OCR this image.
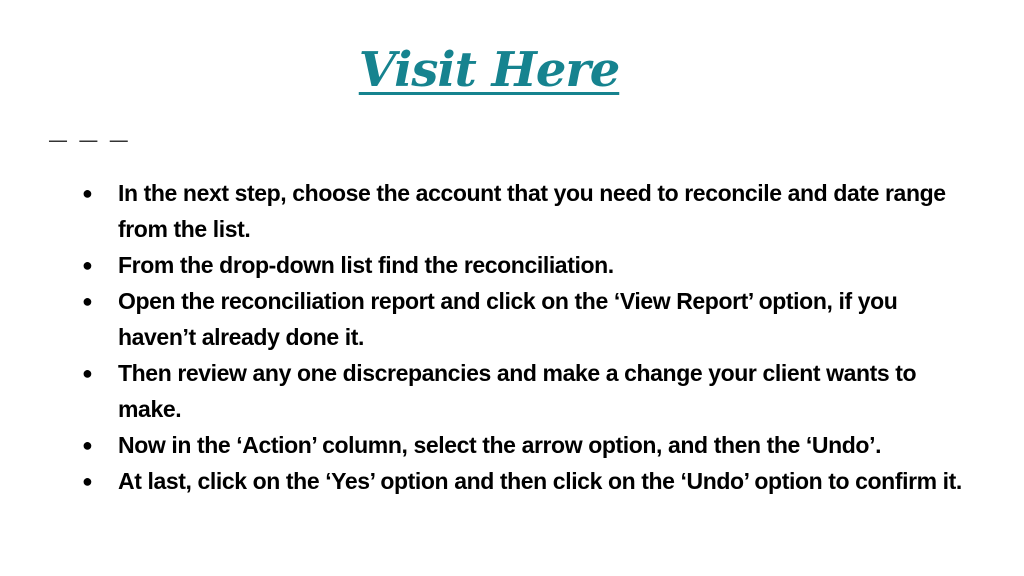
Visit Here
— — —
● In the next step, choose the account that you need to reconcile and date range from the list.
● From the drop-down list find the reconciliation.
● Open the reconciliation report and click on the ‘View Report’ option, if you haven’t already done it.
● Then review any one discrepancies and make a change your client wants to make.
● Now in the ‘Action’ column, select the arrow option, and then the ‘Undo’.
● At last, click on the ‘Yes’ option and then click on the ‘Undo’ option to confirm it.
